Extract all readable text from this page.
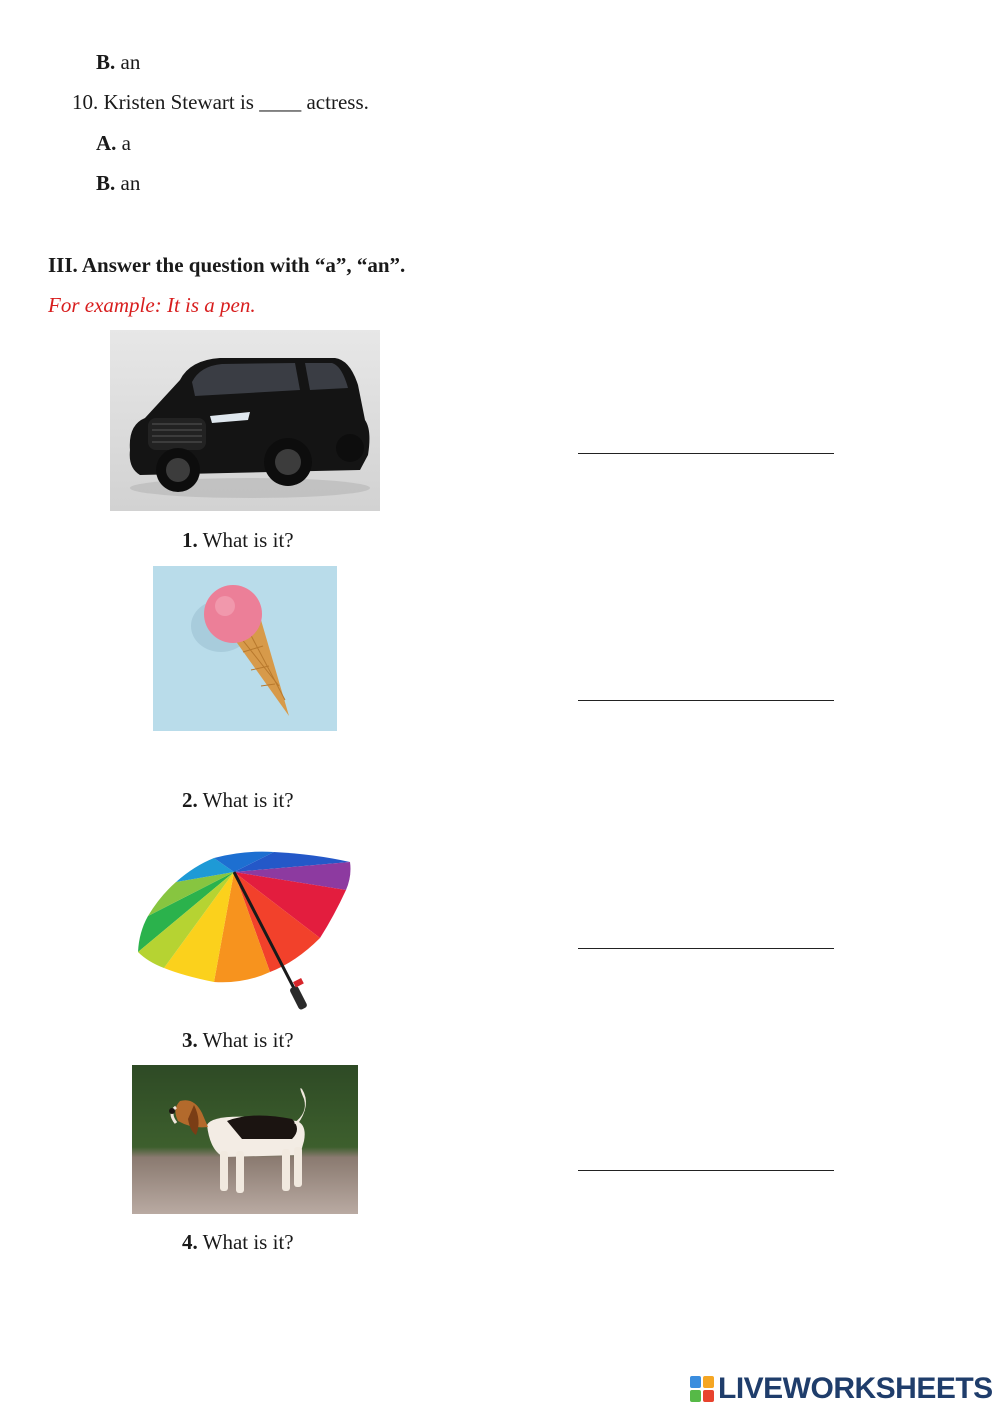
B. an
10. Kristen Stewart is ____ actress.
A. a
B. an
III. Answer the question with “a”, “an”.
For example: It is a pen.
1. What is it?
2. What is it?
3. What is it?
4. What is it?
LIVEWORKSHEETS
